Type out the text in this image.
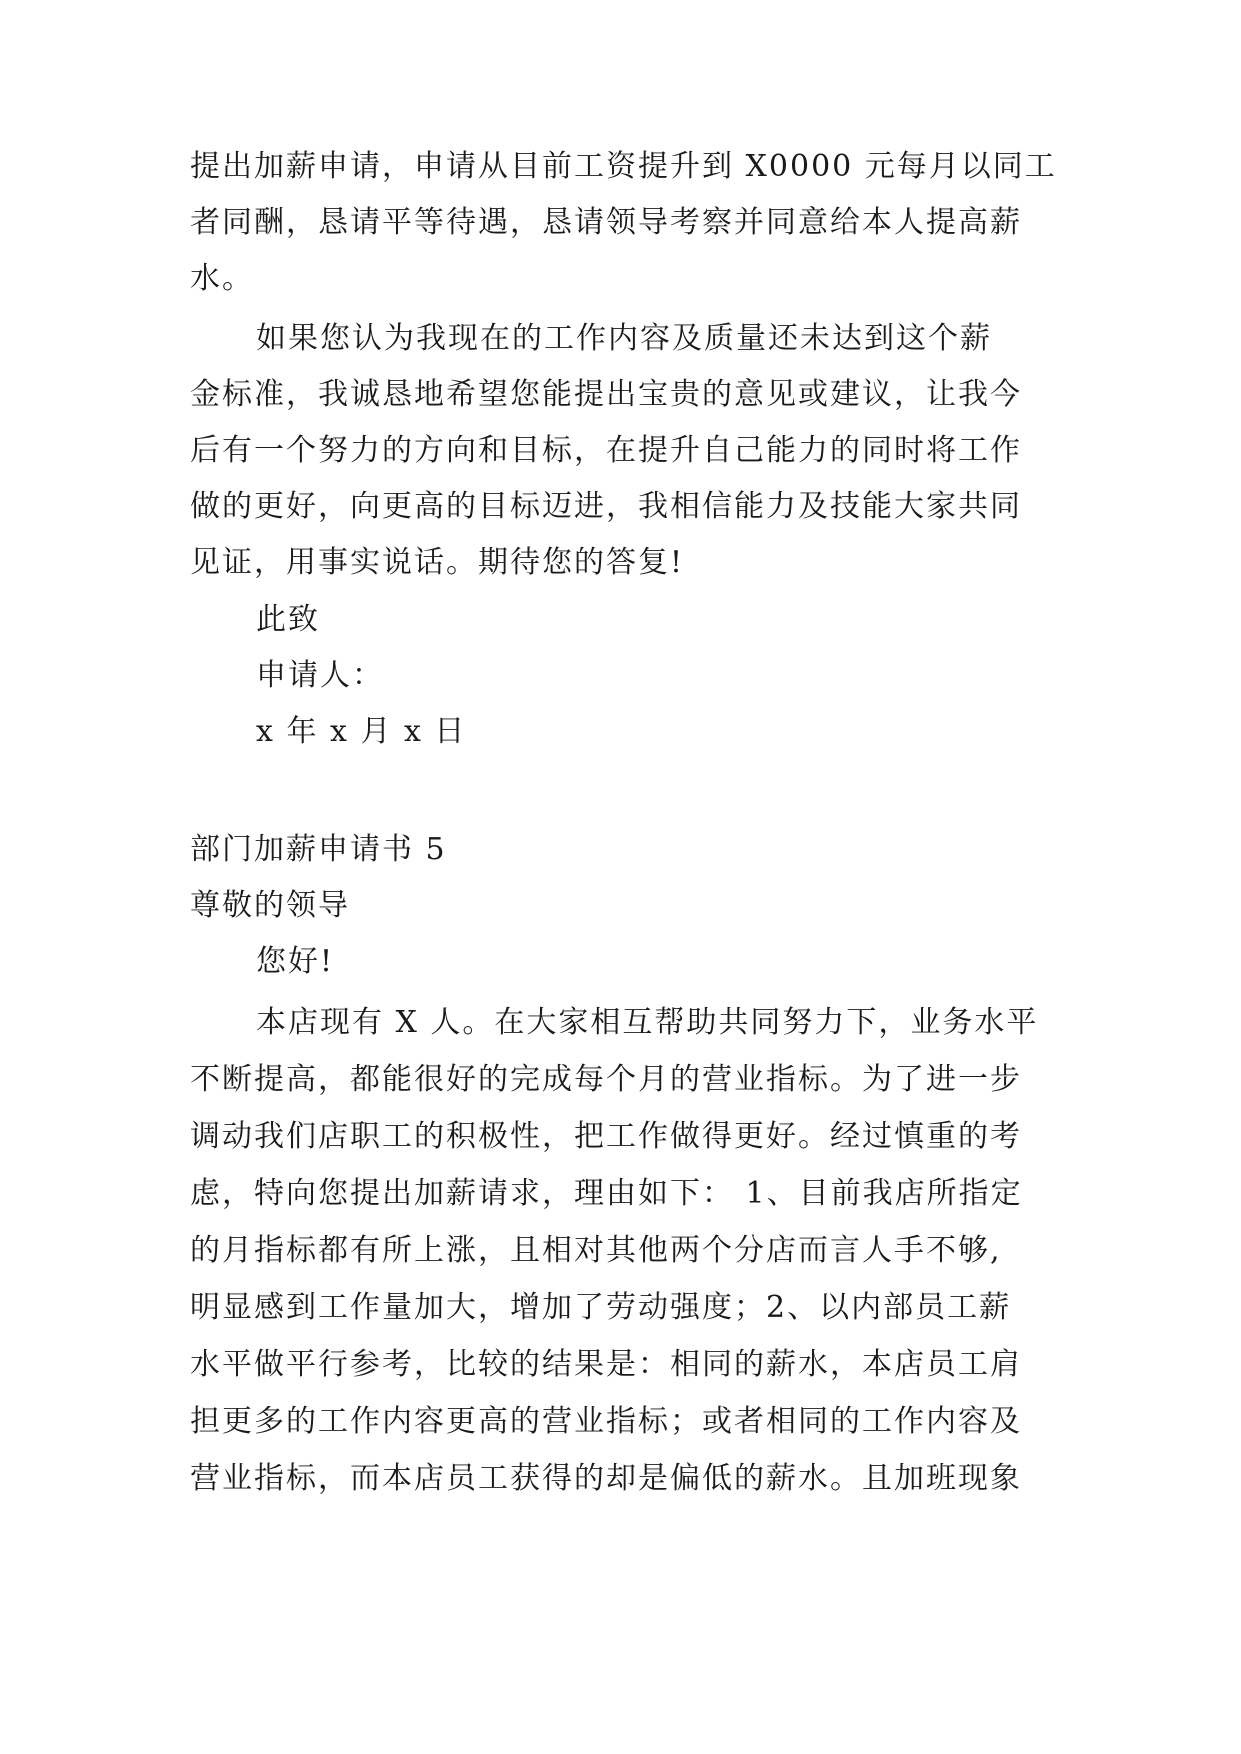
提出加薪申请，申请从目前工资提升到 X0000 元每月以同工
者同酬，恳请平等待遇，恳请领导考察并同意给本人提高薪
水。
如果您认为我现在的工作内容及质量还未达到这个薪
金标准，我诚恳地希望您能提出宝贵的意见或建议，让我今
后有一个努力的方向和目标，在提升自己能力的同时将工作
做的更好，向更高的目标迈进，我相信能力及技能大家共同
见证，用事实说话。期待您的答复!
此致
申请人：
x 年 x 月 x 日
部门加薪申请书 5
尊敬的领导
您好!
本店现有 X 人。在大家相互帮助共同努力下，业务水平
不断提高，都能很好的完成每个月的营业指标。为了进一步
调动我们店职工的积极性，把工作做得更好。经过慎重的考
虑，特向您提出加薪请求，理由如下： 1、目前我店所指定
的月指标都有所上涨，且相对其他两个分店而言人手不够,
明显感到工作量加大，增加了劳动强度；2、以内部员工薪
水平做平行参考，比较的结果是：相同的薪水，本店员工肩
担更多的工作内容更高的营业指标；或者相同的工作内容及
营业指标，而本店员工获得的却是偏低的薪水。且加班现象
